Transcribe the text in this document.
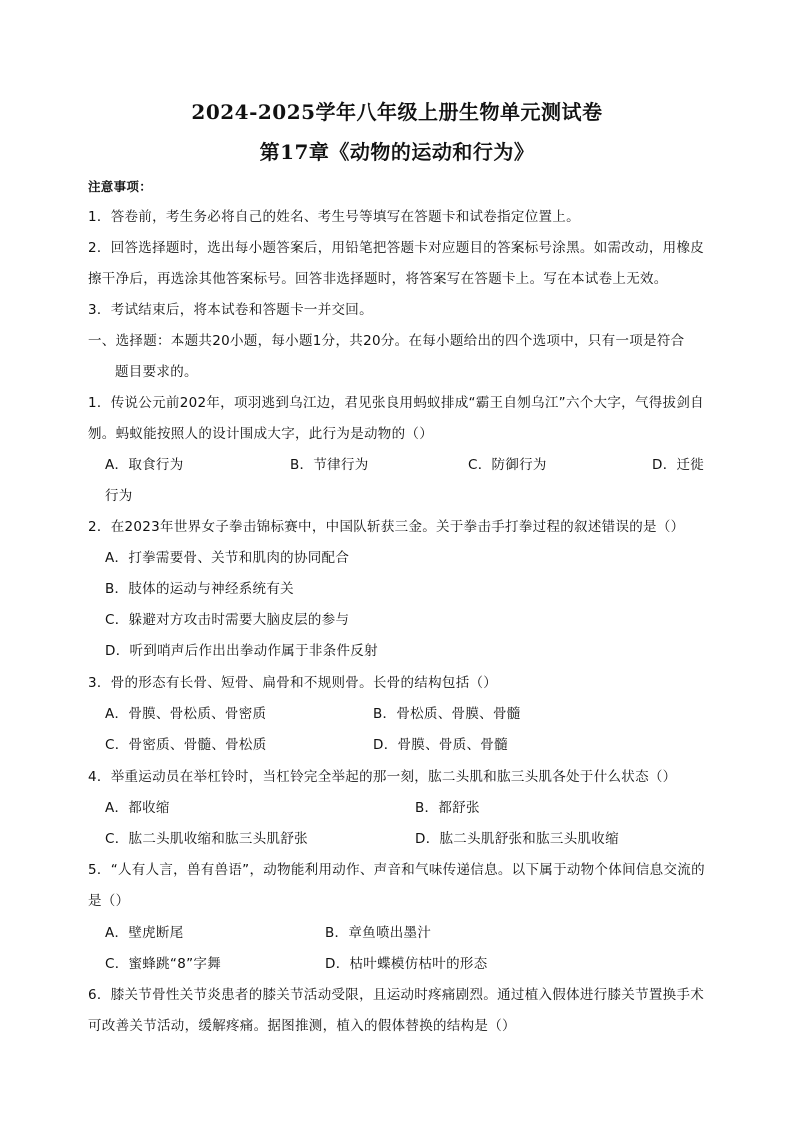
2024-2025学年八年级上册生物单元测试卷
第17章《动物的运动和行为》
注意事项：
1．答卷前，考生务必将自己的姓名、考生号等填写在答题卡和试卷指定位置上。
2．回答选择题时，选出每小题答案后，用铅笔把答题卡对应题目的答案标号涂黑。如需改动，用橡皮
擦干净后，再选涂其他答案标号。回答非选择题时，将答案写在答题卡上。写在本试卷上无效。
3．考试结束后，将本试卷和答题卡一并交回。
一、选择题：本题共20小题，每小题1分，共20分。在每小题给出的四个选项中，只有一项是符合
题目要求的。
1．传说公元前202年，项羽逃到乌江边，君见张良用蚂蚁排成“霸王自刎乌江”六个大字，气得拔剑自
刎。蚂蚁能按照人的设计围成大字，此行为是动物的（）
A．取食行为	B．节律行为	C．防御行为	D．迁徙
行为
2．在2023年世界女子拳击锦标赛中，中国队斩获三金。关于拳击手打拳过程的叙述错误的是（）
A．打拳需要骨、关节和肌肉的协同配合
B．肢体的运动与神经系统有关
C．躲避对方攻击时需要大脑皮层的参与
D．听到哨声后作出出拳动作属于非条件反射
3．骨的形态有长骨、短骨、扁骨和不规则骨。长骨的结构包括（）
A．骨膜、骨松质、骨密质	B．骨松质、骨膜、骨髓
C．骨密质、骨髓、骨松质	D．骨膜、骨质、骨髓
4．举重运动员在举杠铃时，当杠铃完全举起的那一刻，肱二头肌和肱三头肌各处于什么状态（）
A．都收缩	B．都舒张
C．肱二头肌收缩和肱三头肌舒张	D．肱二头肌舒张和肱三头肌收缩
5．“人有人言，兽有兽语”，动物能利用动作、声音和气味传递信息。以下属于动物个体间信息交流的
是（）
A．壁虎断尾	B．章鱼喷出墨汁
C．蜜蜂跳“8”字舞	D．枯叶蝶模仿枯叶的形态
6．膝关节骨性关节炎患者的膝关节活动受限，且运动时疼痛剧烈。通过植入假体进行膝关节置换手术
可改善关节活动，缓解疼痛。据图推测，植入的假体替换的结构是（）
